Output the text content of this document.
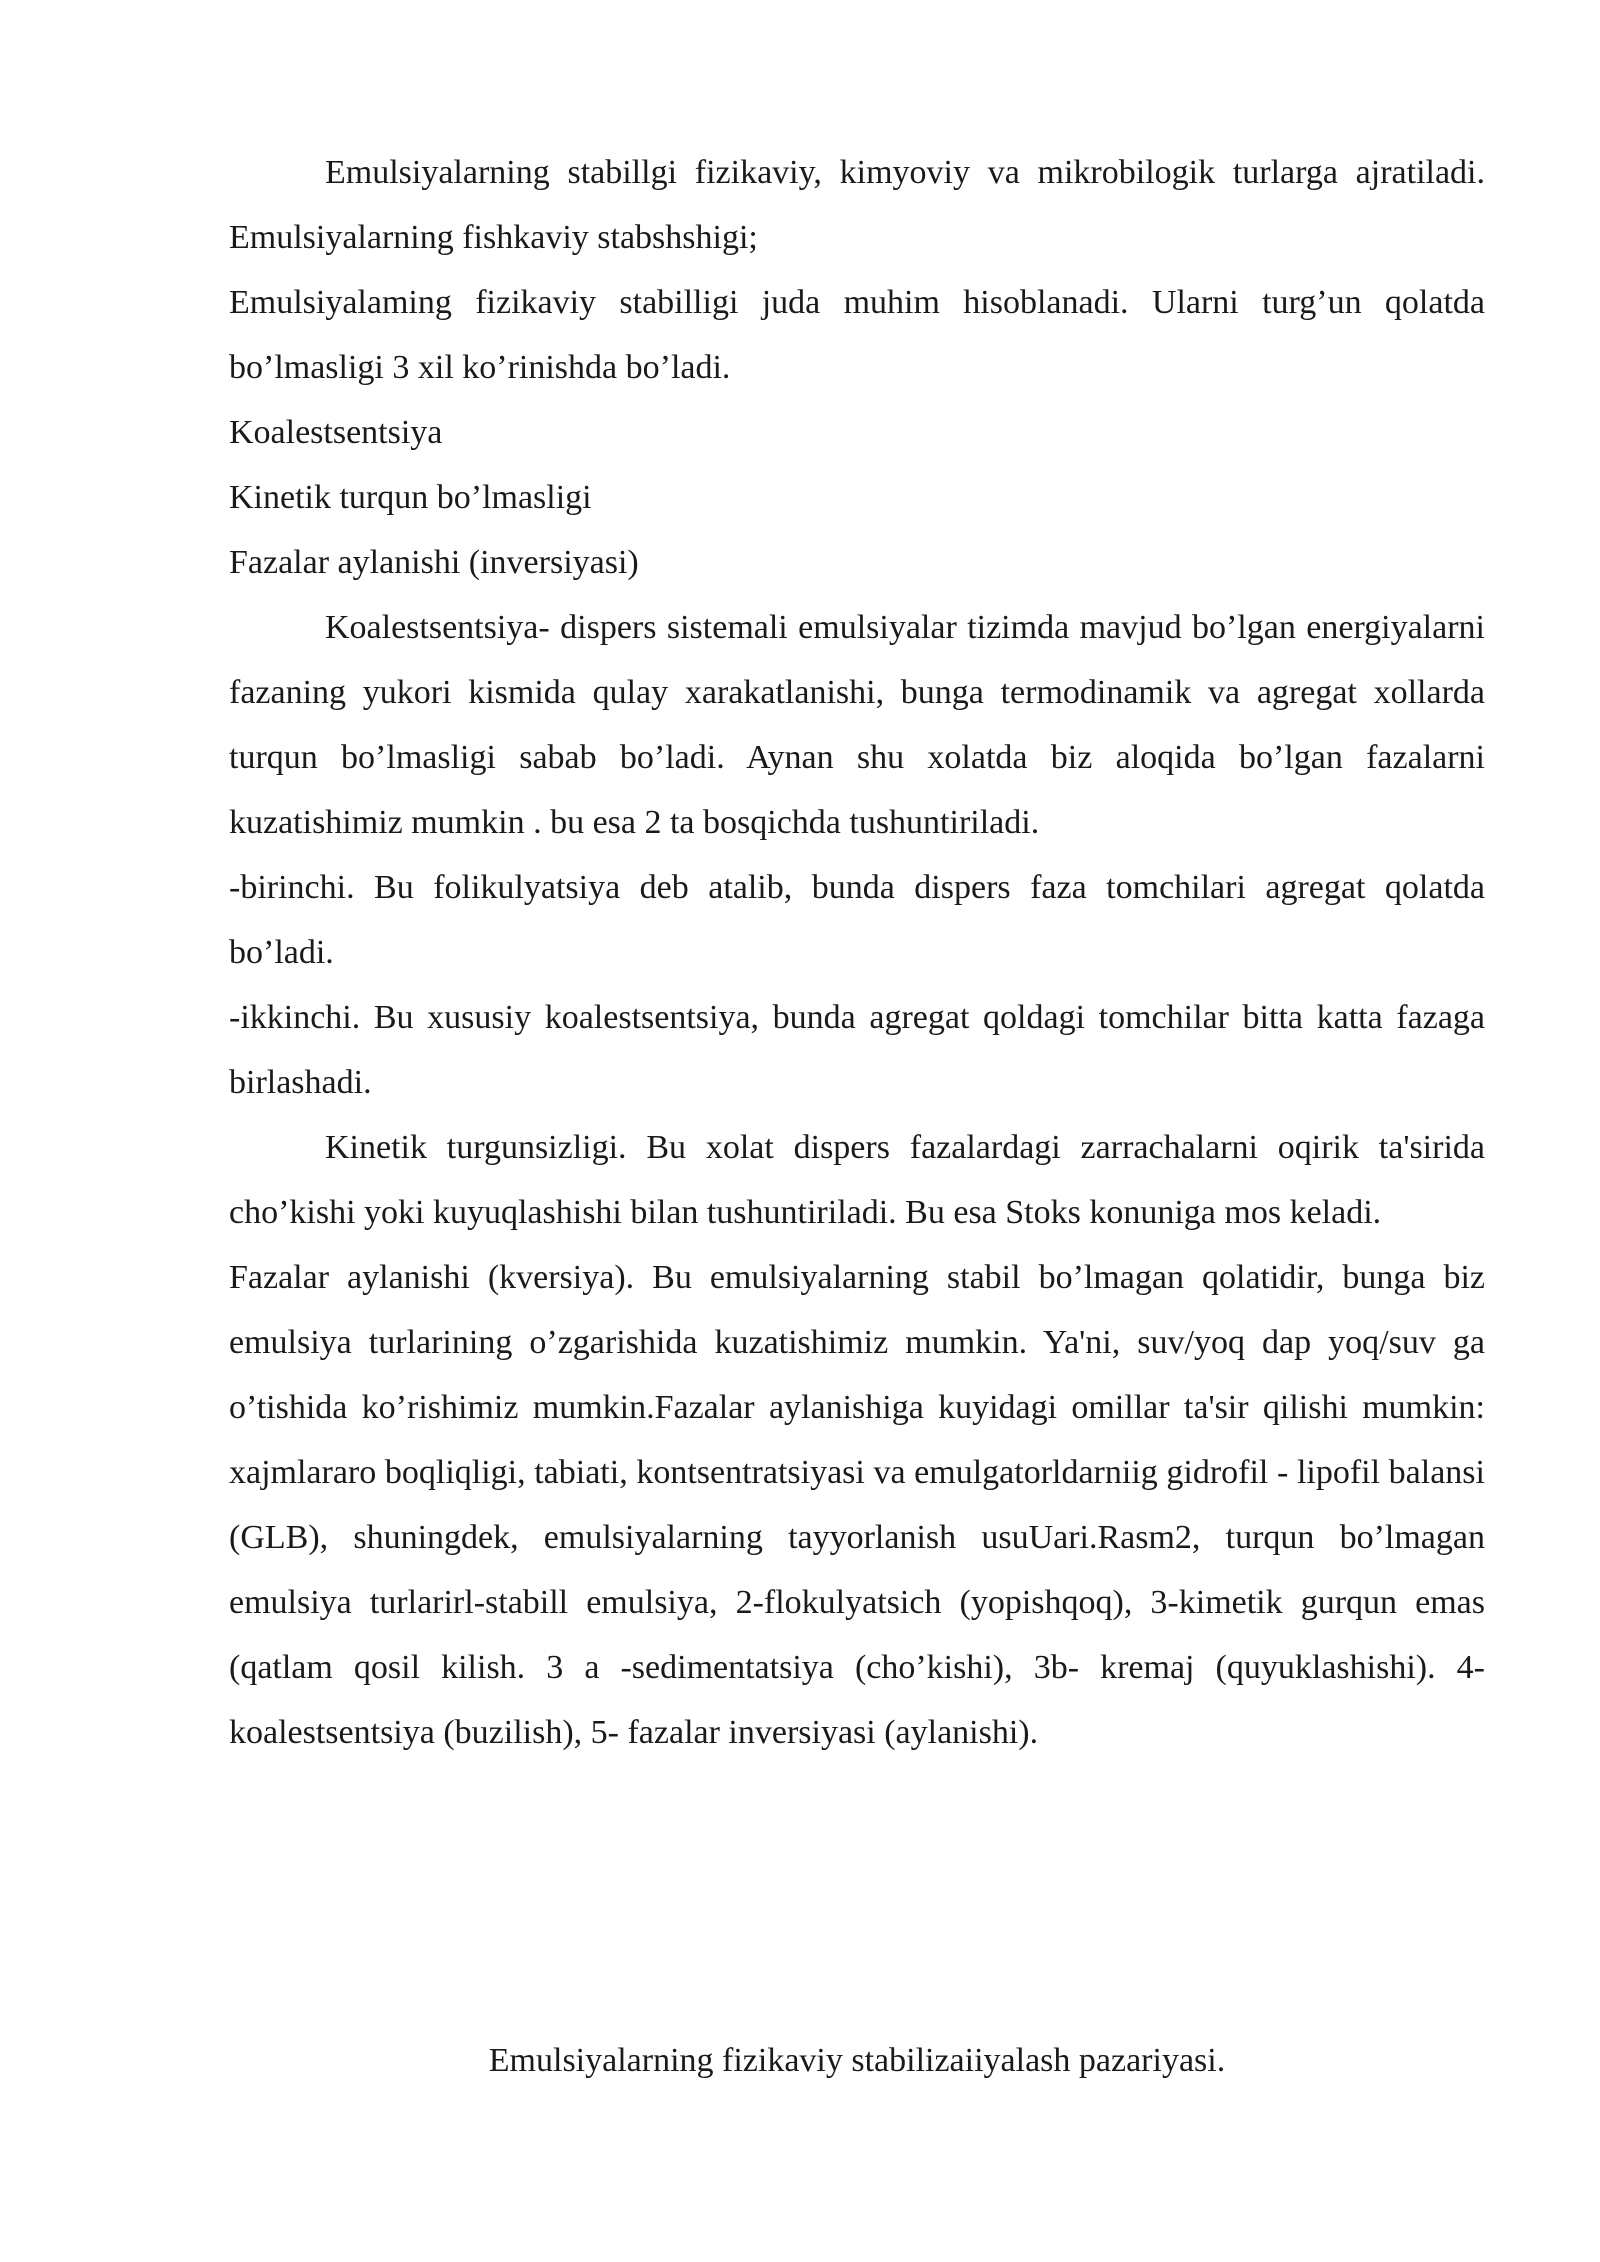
Emulsiyalarning stabillgi fizikaviy, kimyoviy va mikrobilogik turlarga ajratiladi. Emulsiyalarning fishkaviy stabshshigi;

Emulsiyalaming fizikaviy stabilligi juda muhim hisoblanadi. Ularni turg’un qolatda bo’lmasligi 3 xil ko’rinishda bo’ladi.

Koalestsentsiya

Kinetik turqun bo’lmasligi

Fazalar aylanishi (inversiyasi)

Koalestsentsiya- dispers sistemali emulsiyalar tizimda mavjud bo’lgan energiyalarni fazaning yukori kismida qulay xarakatlanishi, bunga termodinamik va agregat xollarda turqun bo’lmasligi sabab bo’ladi. Aynan shu xolatda biz aloqida bo’lgan fazalarni kuzatishimiz mumkin . bu esa 2 ta bosqichda tushuntiriladi.

-birinchi. Bu folikulyatsiya deb atalib, bunda dispers faza tomchilari agregat qolatda bo’ladi.

-ikkinchi. Bu xususiy koalestsentsiya, bunda agregat qoldagi tomchilar bitta katta fazaga birlashadi.

Kinetik turgunsizligi. Bu xolat dispers fazalardagi zarrachalarni oqirik ta'sirida cho’kishi yoki kuyuqlashishi bilan tushuntiriladi. Bu esa Stoks konuniga mos keladi.

Fazalar aylanishi (kversiya). Bu emulsiyalarning stabil bo’lmagan qolatidir, bunga biz emulsiya turlarining o’zgarishida kuzatishimiz mumkin. Ya'ni, suv/yoq dap yoq/suv ga o’tishida ko’rishimiz mumkin.Fazalar aylanishiga kuyidagi omillar ta'sir qilishi mumkin: xajmlararo boqliqligi, tabiati, kontsentratsiyasi va emulgatorldarniig gidrofil - lipofil balansi (GLB), shuningdek, emulsiyalarning tayyorlanish usuUari.Rasm2, turqun bo’lmagan emulsiya turlarirl-stabill emulsiya, 2-flokulyatsich (yopishqoq), 3-kimetik gurqun emas (qatlam qosil kilish. 3 a -sedimentatsiya (cho’kishi), 3b- kremaj (quyuklashishi). 4-koalestsentsiya (buzilish), 5- fazalar inversiyasi (aylanishi).

Emulsiyalarning fizikaviy stabilizaiiyalash pazariyasi.
